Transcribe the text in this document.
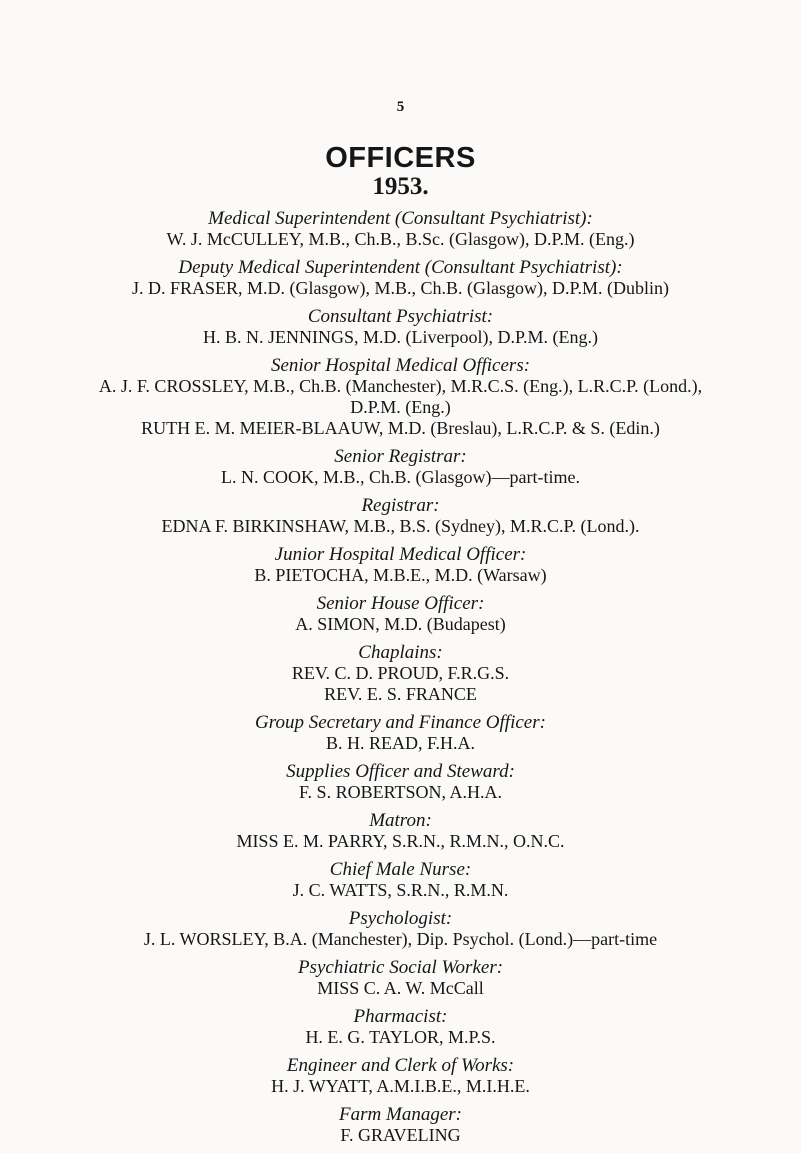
5
OFFICERS
1953.
Medical Superintendent (Consultant Psychiatrist):
W. J. McCULLEY, M.B., Ch.B., B.Sc. (Glasgow), D.P.M. (Eng.)
Deputy Medical Superintendent (Consultant Psychiatrist):
J. D. FRASER, M.D. (Glasgow), M.B., Ch.B. (Glasgow), D.P.M. (Dublin)
Consultant Psychiatrist:
H. B. N. JENNINGS, M.D. (Liverpool), D.P.M. (Eng.)
Senior Hospital Medical Officers:
A. J. F. CROSSLEY, M.B., Ch.B. (Manchester), M.R.C.S. (Eng.), L.R.C.P. (Lond.),
D.P.M. (Eng.)
RUTH E. M. MEIER-BLAAUW, M.D. (Breslau), L.R.C.P. & S. (Edin.)
Senior Registrar:
L. N. COOK, M.B., Ch.B. (Glasgow)—part-time.
Registrar:
EDNA F. BIRKINSHAW, M.B., B.S. (Sydney), M.R.C.P. (Lond.).
Junior Hospital Medical Officer:
B. PIETOCHA, M.B.E., M.D. (Warsaw)
Senior House Officer:
A. SIMON, M.D. (Budapest)
Chaplains:
REV. C. D. PROUD, F.R.G.S.
REV. E. S. FRANCE
Group Secretary and Finance Officer:
B. H. READ, F.H.A.
Supplies Officer and Steward:
F. S. ROBERTSON, A.H.A.
Matron:
MISS E. M. PARRY, S.R.N., R.M.N., O.N.C.
Chief Male Nurse:
J. C. WATTS, S.R.N., R.M.N.
Psychologist:
J. L. WORSLEY, B.A. (Manchester), Dip. Psychol. (Lond.)—part-time
Psychiatric Social Worker:
MISS C. A. W. McCall
Pharmacist:
H. E. G. TAYLOR, M.P.S.
Engineer and Clerk of Works:
H. J. WYATT, A.M.I.B.E., M.I.H.E.
Farm Manager:
F. GRAVELING
